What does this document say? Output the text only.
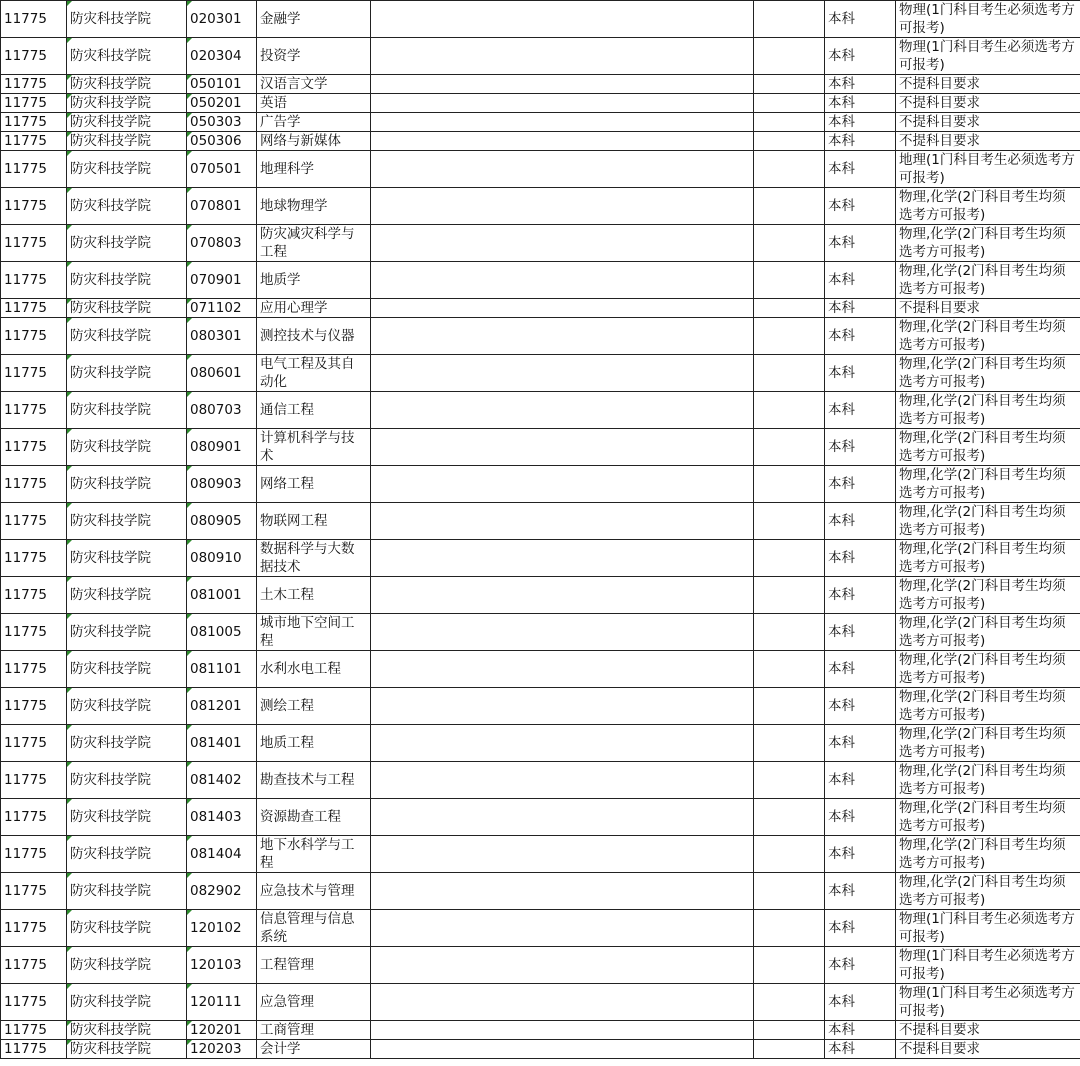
11775	防灾科技学院	020301	金融学			本科	物理(1门科目考生必须选考方可报考)
11775	防灾科技学院	020304	投资学			本科	物理(1门科目考生必须选考方可报考)
11775	防灾科技学院	050101	汉语言文学			本科	不提科目要求
11775	防灾科技学院	050201	英语			本科	不提科目要求
11775	防灾科技学院	050303	广告学			本科	不提科目要求
11775	防灾科技学院	050306	网络与新媒体			本科	不提科目要求
11775	防灾科技学院	070501	地理科学			本科	地理(1门科目考生必须选考方可报考)
11775	防灾科技学院	070801	地球物理学			本科	物理,化学(2门科目考生均须选考方可报考)
11775	防灾科技学院	070803	防灾减灾科学与工程			本科	物理,化学(2门科目考生均须选考方可报考)
11775	防灾科技学院	070901	地质学			本科	物理,化学(2门科目考生均须选考方可报考)
11775	防灾科技学院	071102	应用心理学			本科	不提科目要求
11775	防灾科技学院	080301	测控技术与仪器			本科	物理,化学(2门科目考生均须选考方可报考)
11775	防灾科技学院	080601	电气工程及其自动化			本科	物理,化学(2门科目考生均须选考方可报考)
11775	防灾科技学院	080703	通信工程			本科	物理,化学(2门科目考生均须选考方可报考)
11775	防灾科技学院	080901	计算机科学与技术			本科	物理,化学(2门科目考生均须选考方可报考)
11775	防灾科技学院	080903	网络工程			本科	物理,化学(2门科目考生均须选考方可报考)
11775	防灾科技学院	080905	物联网工程			本科	物理,化学(2门科目考生均须选考方可报考)
11775	防灾科技学院	080910	数据科学与大数据技术			本科	物理,化学(2门科目考生均须选考方可报考)
11775	防灾科技学院	081001	土木工程			本科	物理,化学(2门科目考生均须选考方可报考)
11775	防灾科技学院	081005	城市地下空间工程			本科	物理,化学(2门科目考生均须选考方可报考)
11775	防灾科技学院	081101	水利水电工程			本科	物理,化学(2门科目考生均须选考方可报考)
11775	防灾科技学院	081201	测绘工程			本科	物理,化学(2门科目考生均须选考方可报考)
11775	防灾科技学院	081401	地质工程			本科	物理,化学(2门科目考生均须选考方可报考)
11775	防灾科技学院	081402	勘查技术与工程			本科	物理,化学(2门科目考生均须选考方可报考)
11775	防灾科技学院	081403	资源勘查工程			本科	物理,化学(2门科目考生均须选考方可报考)
11775	防灾科技学院	081404	地下水科学与工程			本科	物理,化学(2门科目考生均须选考方可报考)
11775	防灾科技学院	082902	应急技术与管理			本科	物理,化学(2门科目考生均须选考方可报考)
11775	防灾科技学院	120102	信息管理与信息系统			本科	物理(1门科目考生必须选考方可报考)
11775	防灾科技学院	120103	工程管理			本科	物理(1门科目考生必须选考方可报考)
11775	防灾科技学院	120111	应急管理			本科	物理(1门科目考生必须选考方可报考)
11775	防灾科技学院	120201	工商管理			本科	不提科目要求
11775	防灾科技学院	120203	会计学			本科	不提科目要求
